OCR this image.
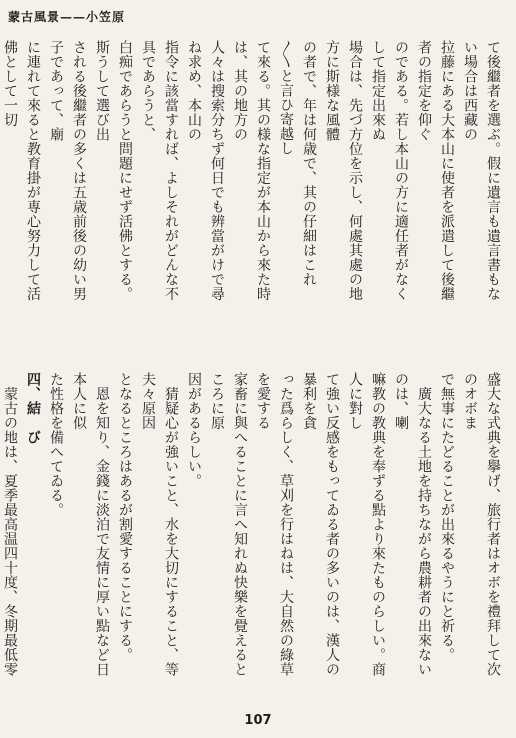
蒙古風景——小笠原
て後繼者を選ぶ。假に遺言も遺言書もない場合は西藏の
拉藤にある大本山に使者を派遣して後繼者の指定を仰ぐ
のである。若し本山の方に適任者がなくして指定出來ぬ
場合は、先づ方位を示し、何處其處の地方に斯様な風體
の者で、年は何歳で、其の仔細はこれ〳〵と言ひ寄越し
て來る。其の様な指定が本山から來た時は、其の地方の
人々は搜索分ちず何日でも辨當がけで尋ね求め、本山の
指令に該當すれば、よしそれがどんな不具であらうと、
白痴であらうと問題にせず活佛とする。斯うして選び出
される後繼者の多くは五歳前後の幼い男子であって、廟
に連れて來ると教育掛が専心努力して活佛として一切
盛大な式典を擧げ、旅行者はオボを禮拜して次のオボま
で無事にたどることが出來るやうにと祈る。
　廣大なる土地を持ちながら農耕者の出來ないのは、喇
嘛教の教典を奉ずる點より來たものらしい。商人に對し
て強い反感をもってゐる者の多いのは、漢人の暴利を貪
った爲らしく、草刈を行はねは、大自然の綠草を愛する
家畜に與へることに言へ知れぬ快樂を覺えるところに原
因があるらしい。
　猜疑心が強いこと、水を大切にすること、等夫々原因
となるところはあるが割愛することにする。
　恩を知り、金錢に淡泊で友情に厚い點など日本人に似
た性格を備へてゐる。
四、結　び
　蒙古の地は、夏季最高温四十度、冬期最低零
107
